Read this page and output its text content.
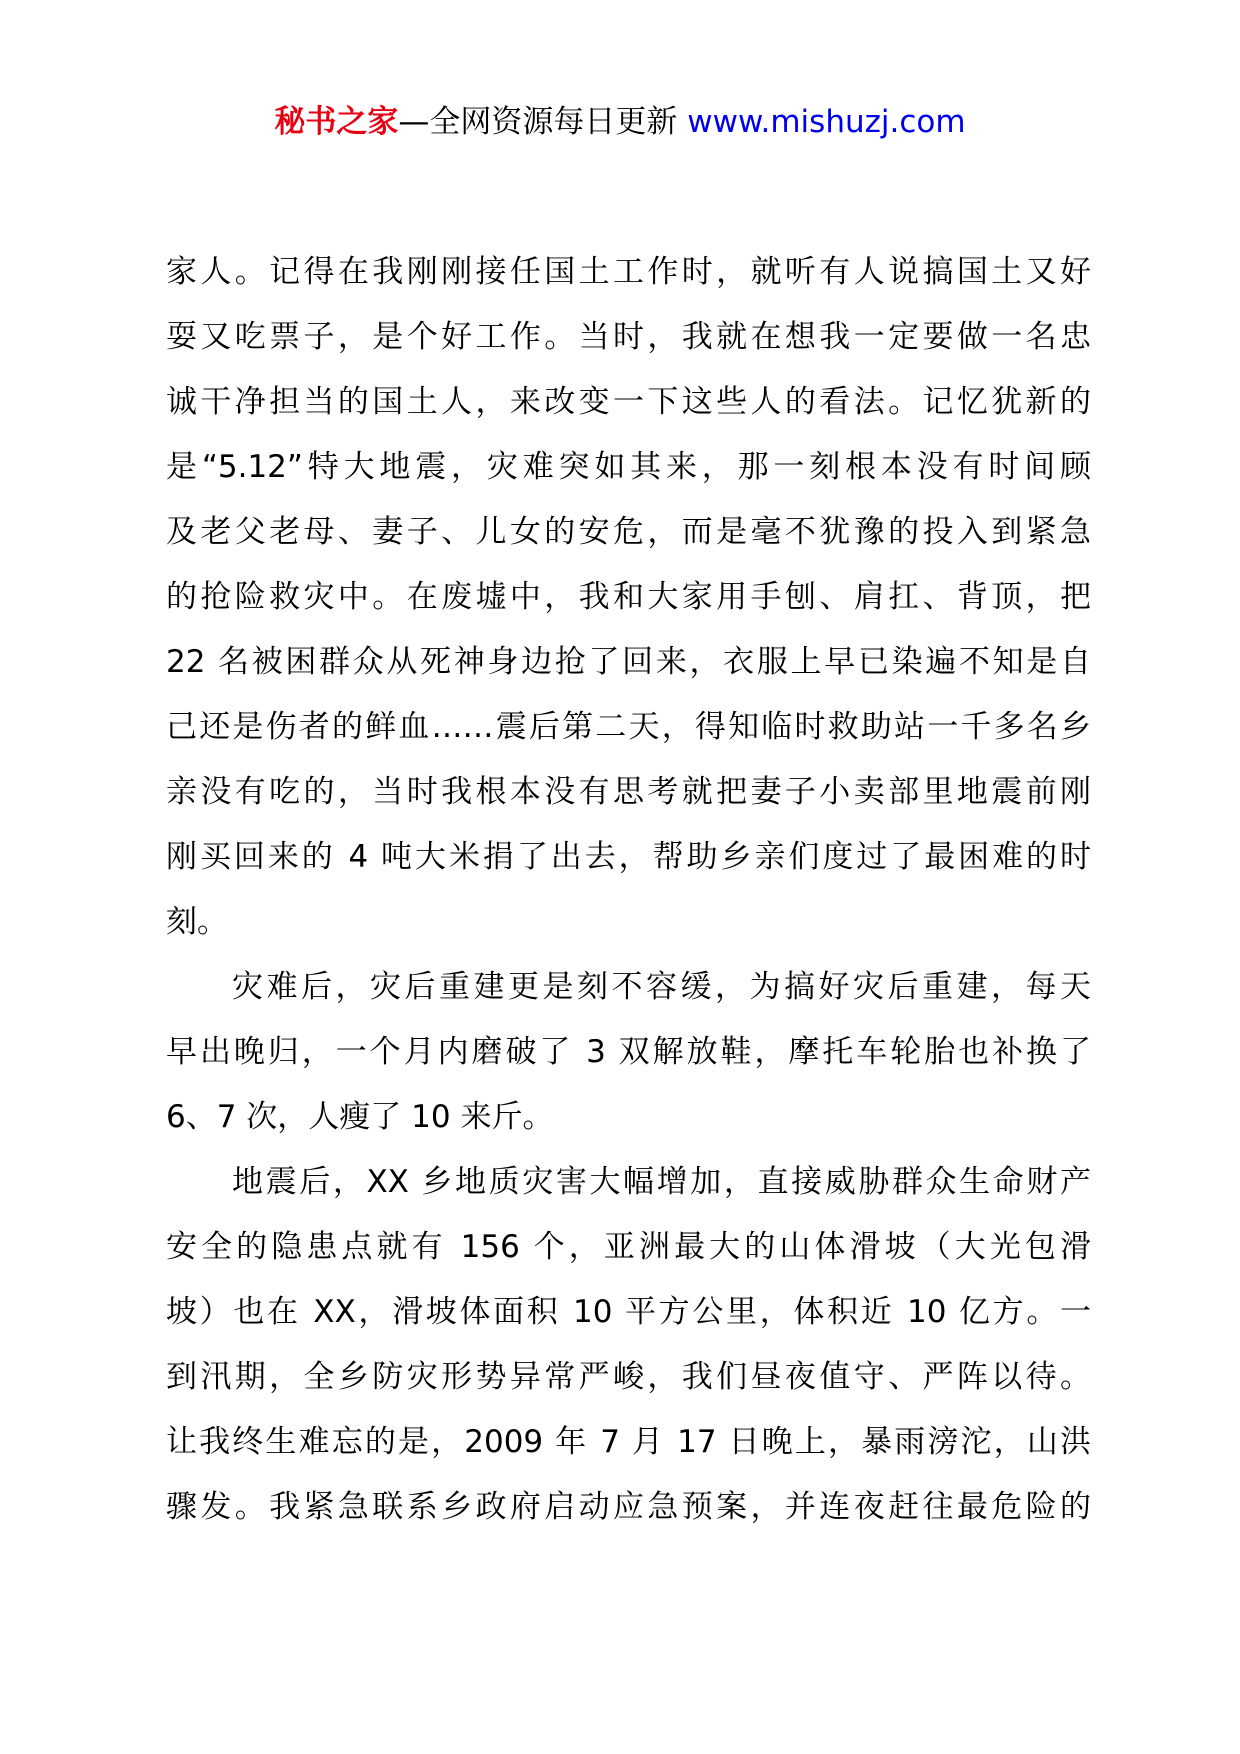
秘书之家—全网资源每日更新 www.mishuzj.com
家人。记得在我刚刚接任国土工作时，就听有人说搞国土又好
耍又吃票子，是个好工作。当时，我就在想我一定要做一名忠
诚干净担当的国土人，来改变一下这些人的看法。记忆犹新的
是“5.12”特大地震，灾难突如其来，那一刻根本没有时间顾
及老父老母、妻子、儿女的安危，而是毫不犹豫的投入到紧急
的抢险救灾中。在废墟中，我和大家用手刨、肩扛、背顶，把
22 名被困群众从死神身边抢了回来，衣服上早已染遍不知是自
己还是伤者的鲜血……震后第二天，得知临时救助站一千多名乡
亲没有吃的，当时我根本没有思考就把妻子小卖部里地震前刚
刚买回来的 4 吨大米捐了出去，帮助乡亲们度过了最困难的时
刻。
灾难后，灾后重建更是刻不容缓，为搞好灾后重建，每天
早出晚归，一个月内磨破了 3 双解放鞋，摩托车轮胎也补换了
6、7 次，人瘦了 10 来斤。
地震后，XX 乡地质灾害大幅增加，直接威胁群众生命财产
安全的隐患点就有 156 个，亚洲最大的山体滑坡（大光包滑
坡）也在 XX，滑坡体面积 10 平方公里，体积近 10 亿方。一
到汛期，全乡防灾形势异常严峻，我们昼夜值守、严阵以待。
让我终生难忘的是，2009 年 7 月 17 日晚上，暴雨滂沱，山洪
骤发。我紧急联系乡政府启动应急预案，并连夜赶往最危险的
